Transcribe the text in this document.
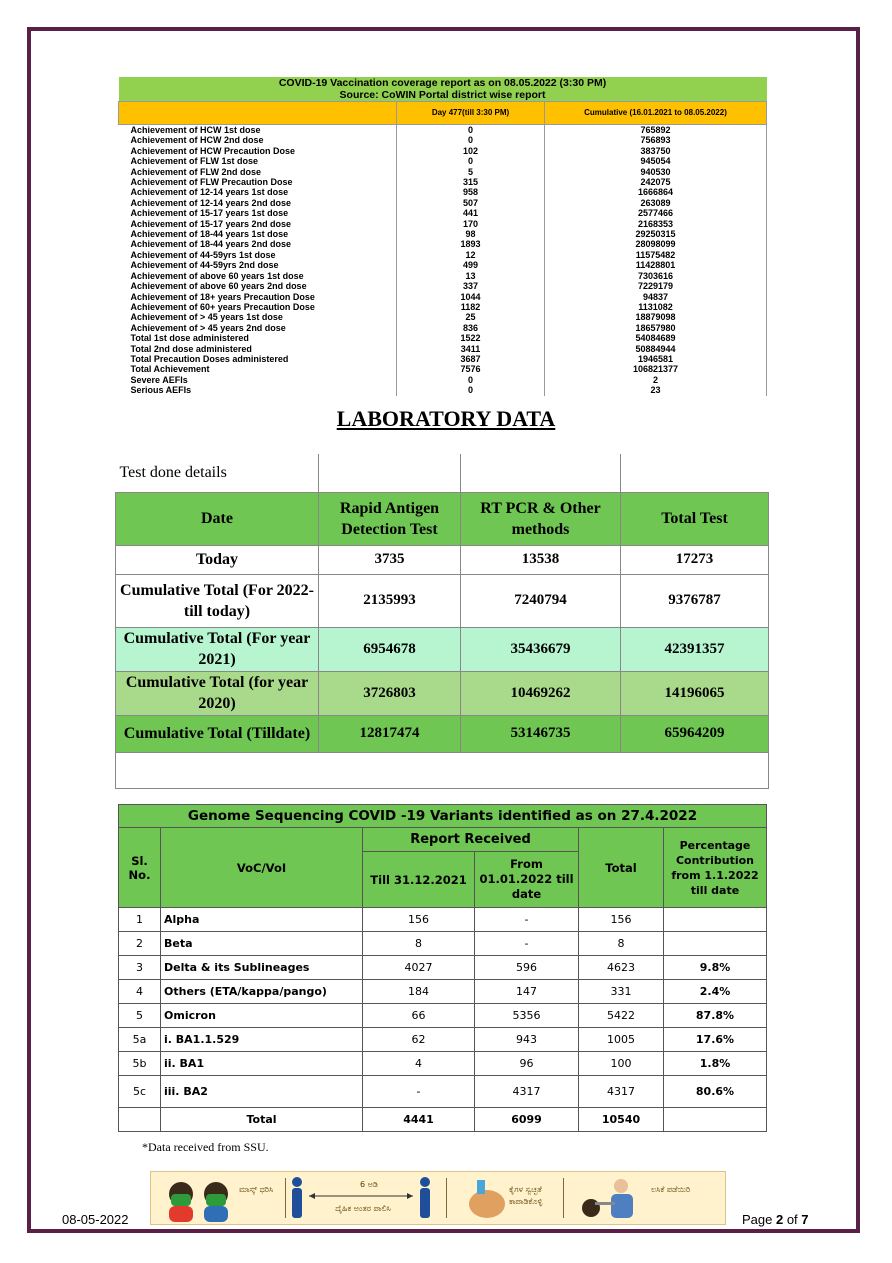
COVID-19 Vaccination coverage report as on 08.05.2022 (3:30 PM)		
Source: CoWIN Portal district wise report		
	Day 477(till 3:30 PM)	Cumulative (16.01.2021 to 08.05.2022)
Achievement of HCW 1st dose	0	765892
Achievement of HCW 2nd dose	0	756893
Achievement of HCW Precaution Dose	102	383750
Achievement of FLW 1st dose	0	945054
Achievement of FLW 2nd dose	5	940530
Achievement of FLW Precaution Dose	315	242075
Achievement of 12-14 years 1st dose	958	1666864
Achievement of 12-14 years 2nd dose	507	263089
Achievement of 15-17 years 1st dose	441	2577466
Achievement of 15-17 years 2nd dose	170	2168353
Achievement of 18-44 years 1st dose	98	29250315
Achievement of 18-44 years 2nd dose	1893	28098099
Achievement of 44-59yrs 1st dose	12	11575482
Achievement of 44-59yrs 2nd dose	499	11428801
Achievement of above 60 years 1st dose	13	7303616
Achievement of above 60 years 2nd dose	337	7229179
Achievement of 18+ years Precaution Dose	1044	94837
Achievement of 60+ years Precaution Dose	1182	1131082
Achievement of > 45 years 1st dose	25	18879098
Achievement of > 45 years 2nd dose	836	18657980
Total 1st dose administered	1522	54084689
Total 2nd dose administered	3411	50884944
Total Precaution Doses administered	3687	1946581
Total Achievement	7576	106821377
Severe AEFIs	0	2
Serious AEFIs	0	23
LABORATORY DATA
Test done details			
Date	Rapid Antigen Detection Test	RT PCR & Other methods	Total Test
Today	3735	13538	17273
Cumulative Total (For 2022- till today)	2135993	7240794	9376787
Cumulative Total (For year 2021)	6954678	35436679	42391357
Cumulative Total (for year 2020)	3726803	10469262	14196065
Cumulative Total (Tilldate)	12817474	53146735	65964209

Genome Sequencing COVID -19 Variants identified as on 27.4.2022					
Sl. No.	VoC/VoI	Report Received		Total	Percentage Contribution from 1.1.2022 till date
		Till 31.12.2021	From 01.01.2022 till date		
1	Alpha	156	-	156	
2	Beta	8	-	8	
3	Delta & its Sublineages	4027	596	4623	9.8%
4	Others (ETA/kappa/pango)	184	147	331	2.4%
5	Omicron	66	5356	5422	87.8%
5a	i. BA1.1.529	62	943	1005	17.6%
5b	ii. BA1	4	96	100	1.8%
5c	iii. BA2	-	4317	4317	80.6%
	Total	4441	6099	10540	
*Data received from SSU.
ಮಾಸ್ಕ್ ಧರಿಸಿ
6 ಅಡಿ
ದೈಹಿಕ ಅಂತರ ಪಾಲಿಸಿ
ಕೈಗಳ ಸ್ವಚ್ಛತೆ ಕಾಪಾಡಿಕೊಳ್ಳಿ
ಲಸಿಕೆ ಪಡೆಯಿರಿ
08-05-2022	Page 2 of 7
